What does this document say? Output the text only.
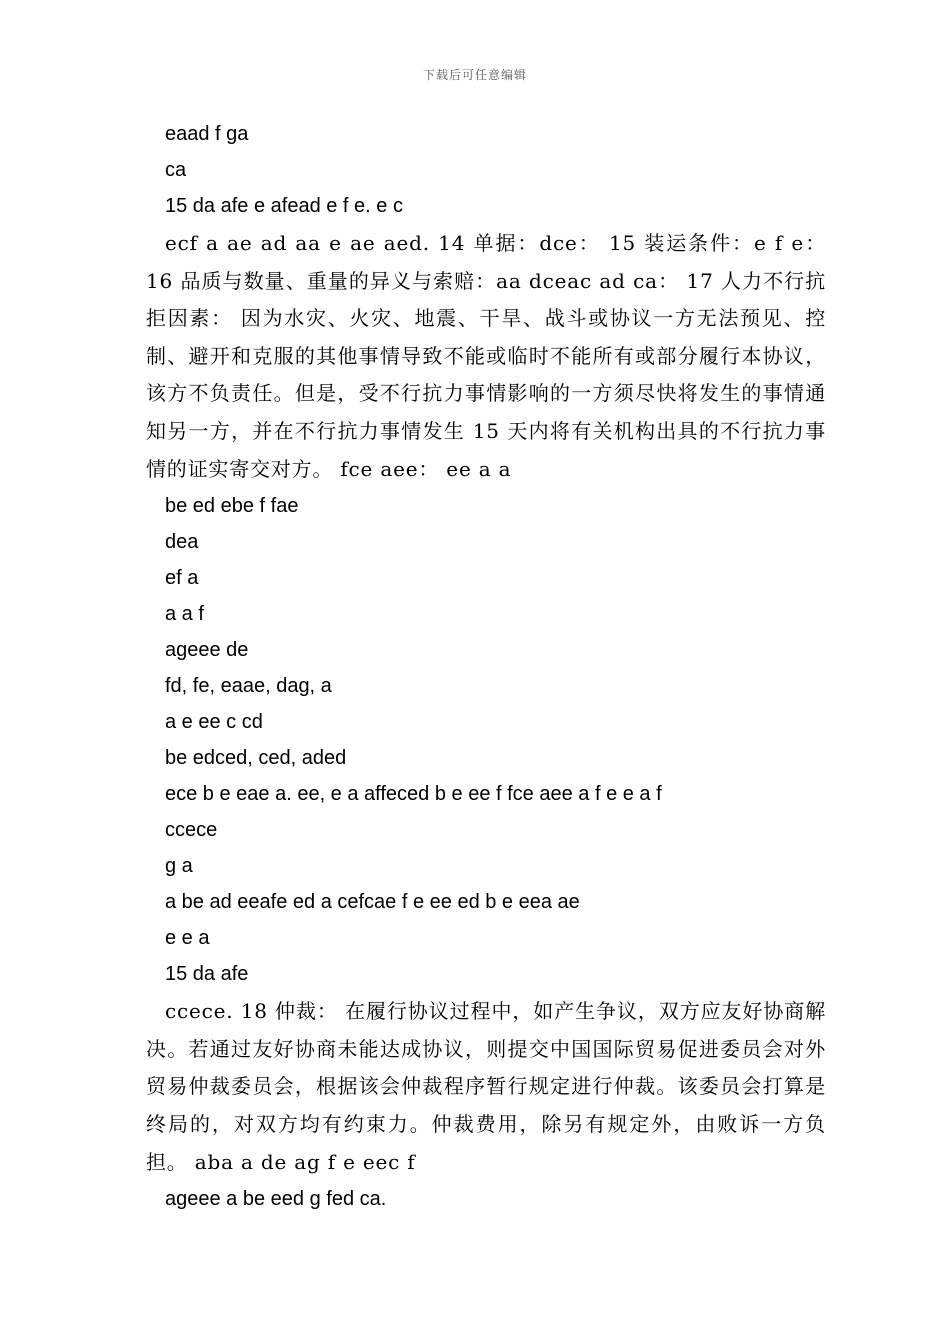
下载后可任意编辑
eaad f ga
ca
15 da afe e afead e f e. e c
ecf a ae ad aa e ae aed. 14 单据：dce： 15 装运条件：e f e： 16 品质与数量、重量的异义与索赔：aa dceac ad ca： 17 人力不行抗拒因素： 因为水灾、火灾、地震、干旱、战斗或协议一方无法预见、控制、避开和克服的其他事情导致不能或临时不能所有或部分履行本协议，该方不负责任。但是，受不行抗力事情影响的一方须尽快将发生的事情通知另一方，并在不行抗力事情发生 15 天内将有关机构出具的不行抗力事情的证实寄交对方。 fce aee： ee a a
be ed ebe f fae
dea
ef a
a a f
ageee de
fd, fe, eaae, dag, a
a e ee c cd
be edced, ced, aded
ece b e eae a. ee, e a affeced b e ee f fce aee a f e e a f
ccece
g a
a be ad eeafe ed a cefcae f e ee ed b e eea ae
e e a
15 da afe
ccece. 18 仲裁： 在履行协议过程中，如产生争议，双方应友好协商解决。若通过友好协商未能达成协议，则提交中国国际贸易促进委员会对外贸易仲裁委员会，根据该会仲裁程序暂行规定进行仲裁。该委员会打算是终局的，对双方均有约束力。仲裁费用，除另有规定外，由败诉一方负担。 aba a de ag f e eec f
ageee a be eed g fed ca.
